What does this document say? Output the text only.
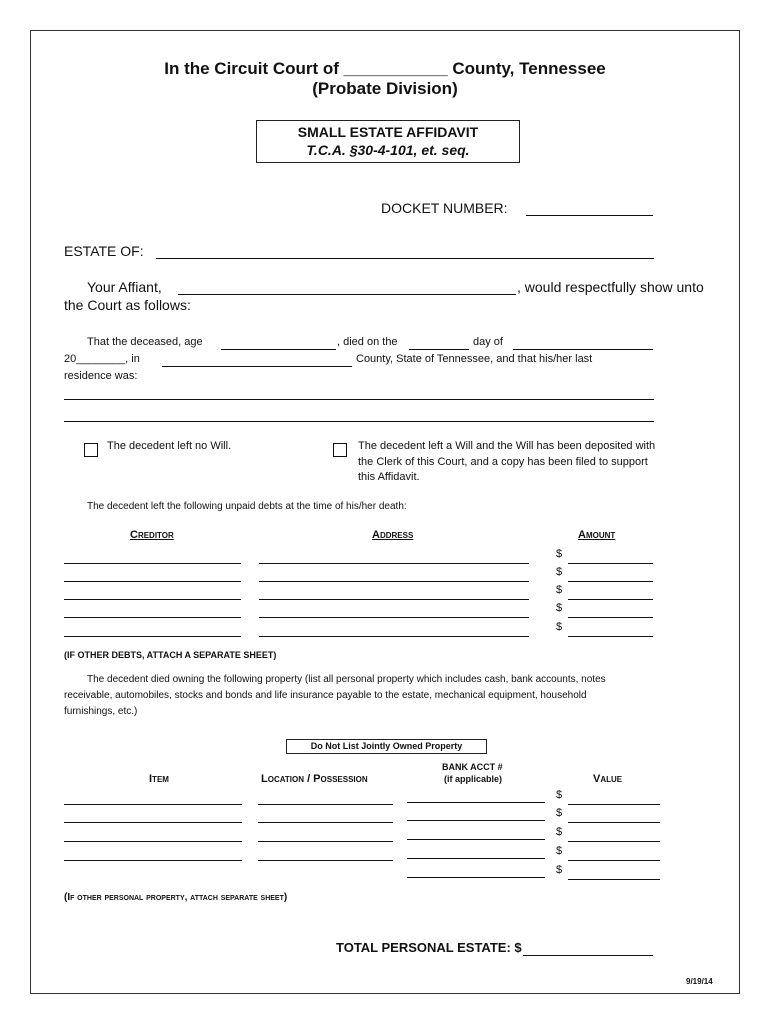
In the Circuit Court of ___________ County, Tennessee
(Probate Division)
SMALL ESTATE AFFIDAVIT
T.C.A. §30-4-101, et. seq.
DOCKET NUMBER:
ESTATE OF:
Your Affiant,	, would respectfully show unto
the Court as follows:
That the deceased, age	, died on the	day of
20________, in	County, State of Tennessee, and that his/her last
residence was:
The decedent left no Will.	The decedent left a Will and the Will has been deposited with
the Clerk of this Court, and a copy has been filed to support
this Affidavit.
The decedent left the following unpaid debts at the time of his/her death:
Creditor	Address	Amount
$
$
$
$
$
(IF OTHER DEBTS, ATTACH A SEPARATE SHEET)
The decedent died owning the following property (list all personal property which includes cash, bank accounts, notes
receivable, automobiles, stocks and bonds and life insurance payable to the estate, mechanical equipment, household
furnishings, etc.)
Do Not List Jointly Owned Property
Item	Location / Possession
BANK ACCT #
(if applicable)	Value
$
$
$
$
$
(If other personal property, attach separate sheet)
TOTAL PERSONAL ESTATE: $
9/19/14
